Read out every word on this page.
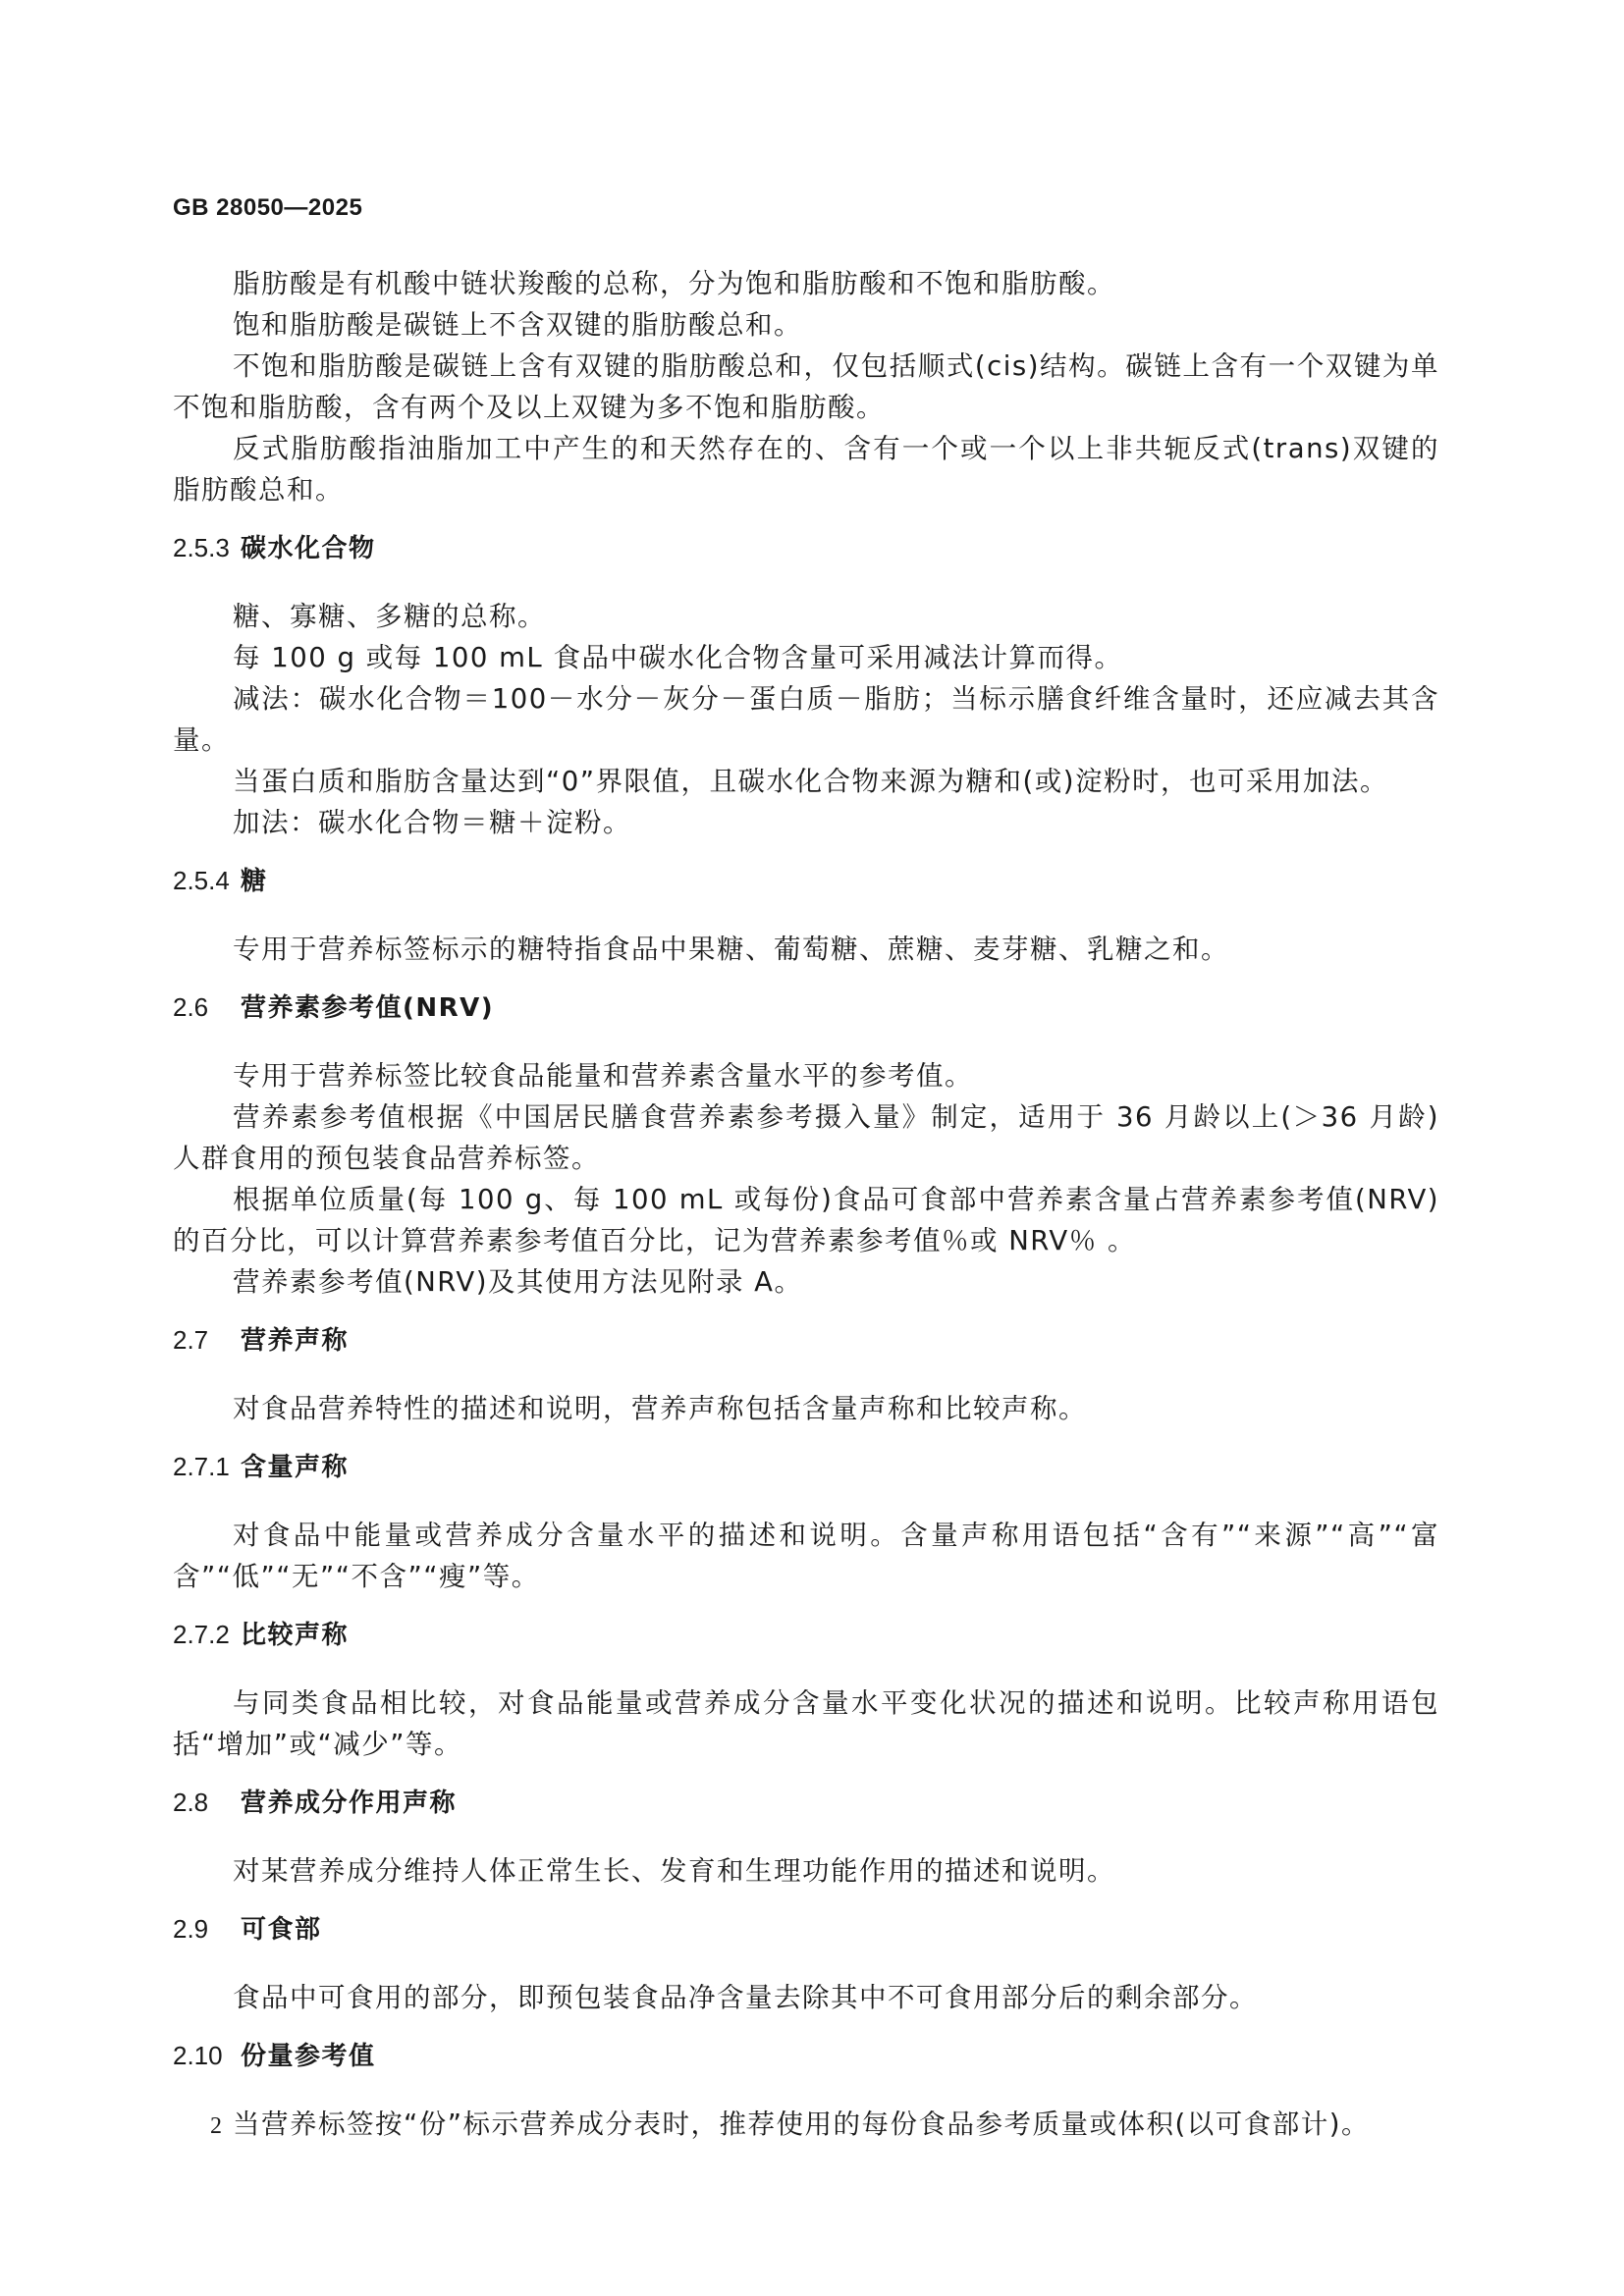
GB 28050—2025

脂肪酸是有机酸中链状羧酸的总称，分为饱和脂肪酸和不饱和脂肪酸。

饱和脂肪酸是碳链上不含双键的脂肪酸总和。

不饱和脂肪酸是碳链上含有双键的脂肪酸总和，仅包括顺式(cis)结构。碳链上含有一个双键为单不饱和脂肪酸，含有两个及以上双键为多不饱和脂肪酸。

反式脂肪酸指油脂加工中产生的和天然存在的、含有一个或一个以上非共轭反式(trans)双键的脂肪酸总和。

2.5.3 碳水化合物

糖、寡糖、多糖的总称。

每 100 g 或每 100 mL 食品中碳水化合物含量可采用减法计算而得。

减法：碳水化合物＝100－水分－灰分－蛋白质－脂肪；当标示膳食纤维含量时，还应减去其含量。

当蛋白质和脂肪含量达到“0”界限值，且碳水化合物来源为糖和(或)淀粉时，也可采用加法。

加法：碳水化合物＝糖＋淀粉。

2.5.4 糖

专用于营养标签标示的糖特指食品中果糖、葡萄糖、蔗糖、麦芽糖、乳糖之和。

2.6 营养素参考值(NRV)

专用于营养标签比较食品能量和营养素含量水平的参考值。

营养素参考值根据《中国居民膳食营养素参考摄入量》制定，适用于 36 月龄以上(＞36 月龄)人群食用的预包装食品营养标签。

根据单位质量(每 100 g、每 100 mL 或每份)食品可食部中营养素含量占营养素参考值(NRV)的百分比，可以计算营养素参考值百分比，记为营养素参考值％或 NRV％ 。

营养素参考值(NRV)及其使用方法见附录 A。

2.7 营养声称

对食品营养特性的描述和说明，营养声称包括含量声称和比较声称。

2.7.1 含量声称

对食品中能量或营养成分含量水平的描述和说明。含量声称用语包括“含有”“来源”“高”“富含”“低”“无”“不含”“瘦”等。

2.7.2 比较声称

与同类食品相比较，对食品能量或营养成分含量水平变化状况的描述和说明。比较声称用语包括“增加”或“减少”等。

2.8 营养成分作用声称

对某营养成分维持人体正常生长、发育和生理功能作用的描述和说明。

2.9 可食部

食品中可食用的部分，即预包装食品净含量去除其中不可食用部分后的剩余部分。

2.10 份量参考值

当营养标签按“份”标示营养成分表时，推荐使用的每份食品参考质量或体积(以可食部计)。

2
